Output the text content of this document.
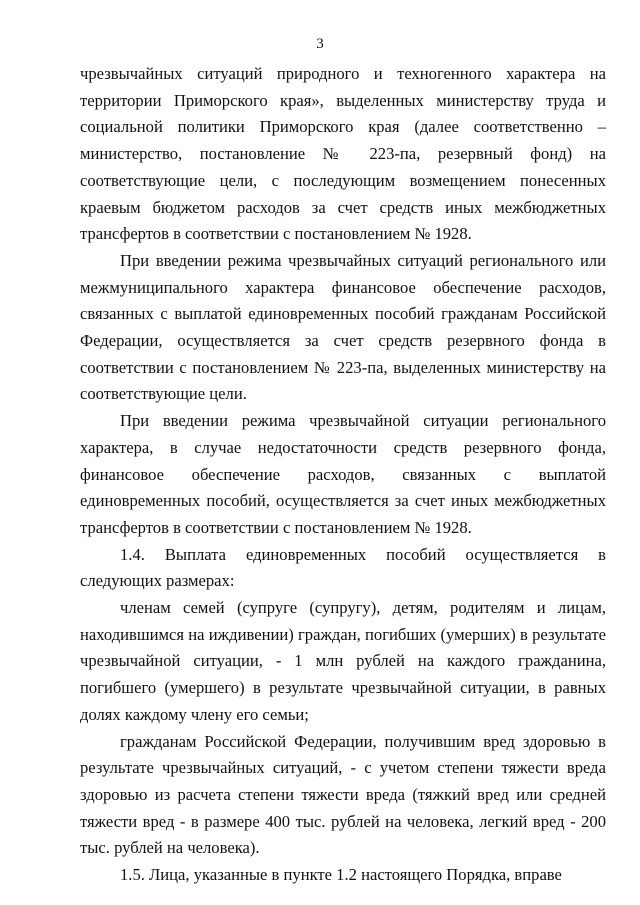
3

чрезвычайных ситуаций природного и техногенного характера на территории Приморского края», выделенных министерству труда и социальной политики Приморского края (далее соответственно – министерство, постановление № 223-па, резервный фонд) на соответствующие цели, с последующим возмещением понесенных краевым бюджетом расходов за счет средств иных межбюджетных трансфертов в соответствии с постановлением № 1928.

При введении режима чрезвычайных ситуаций регионального или межмуниципального характера финансовое обеспечение расходов, связанных с выплатой единовременных пособий гражданам Российской Федерации, осуществляется за счет средств резервного фонда в соответствии с постановлением № 223-па, выделенных министерству на соответствующие цели.

При введении режима чрезвычайной ситуации регионального характера, в случае недостаточности средств резервного фонда, финансовое обеспечение расходов, связанных с выплатой единовременных пособий, осуществляется за счет иных межбюджетных трансфертов в соответствии с постановлением № 1928.

1.4. Выплата единовременных пособий осуществляется в следующих размерах:

членам семей (супруге (супругу), детям, родителям и лицам, находившимся на иждивении) граждан, погибших (умерших) в результате чрезвычайной ситуации, - 1 млн рублей на каждого гражданина, погибшего (умершего) в результате чрезвычайной ситуации, в равных долях каждому члену его семьи;

гражданам Российской Федерации, получившим вред здоровью в результате чрезвычайных ситуаций, - с учетом степени тяжести вреда здоровью из расчета степени тяжести вреда (тяжкий вред или средней тяжести вред - в размере 400 тыс. рублей на человека, легкий вред - 200 тыс. рублей на человека).

1.5. Лица, указанные в пункте 1.2 настоящего Порядка, вправе
